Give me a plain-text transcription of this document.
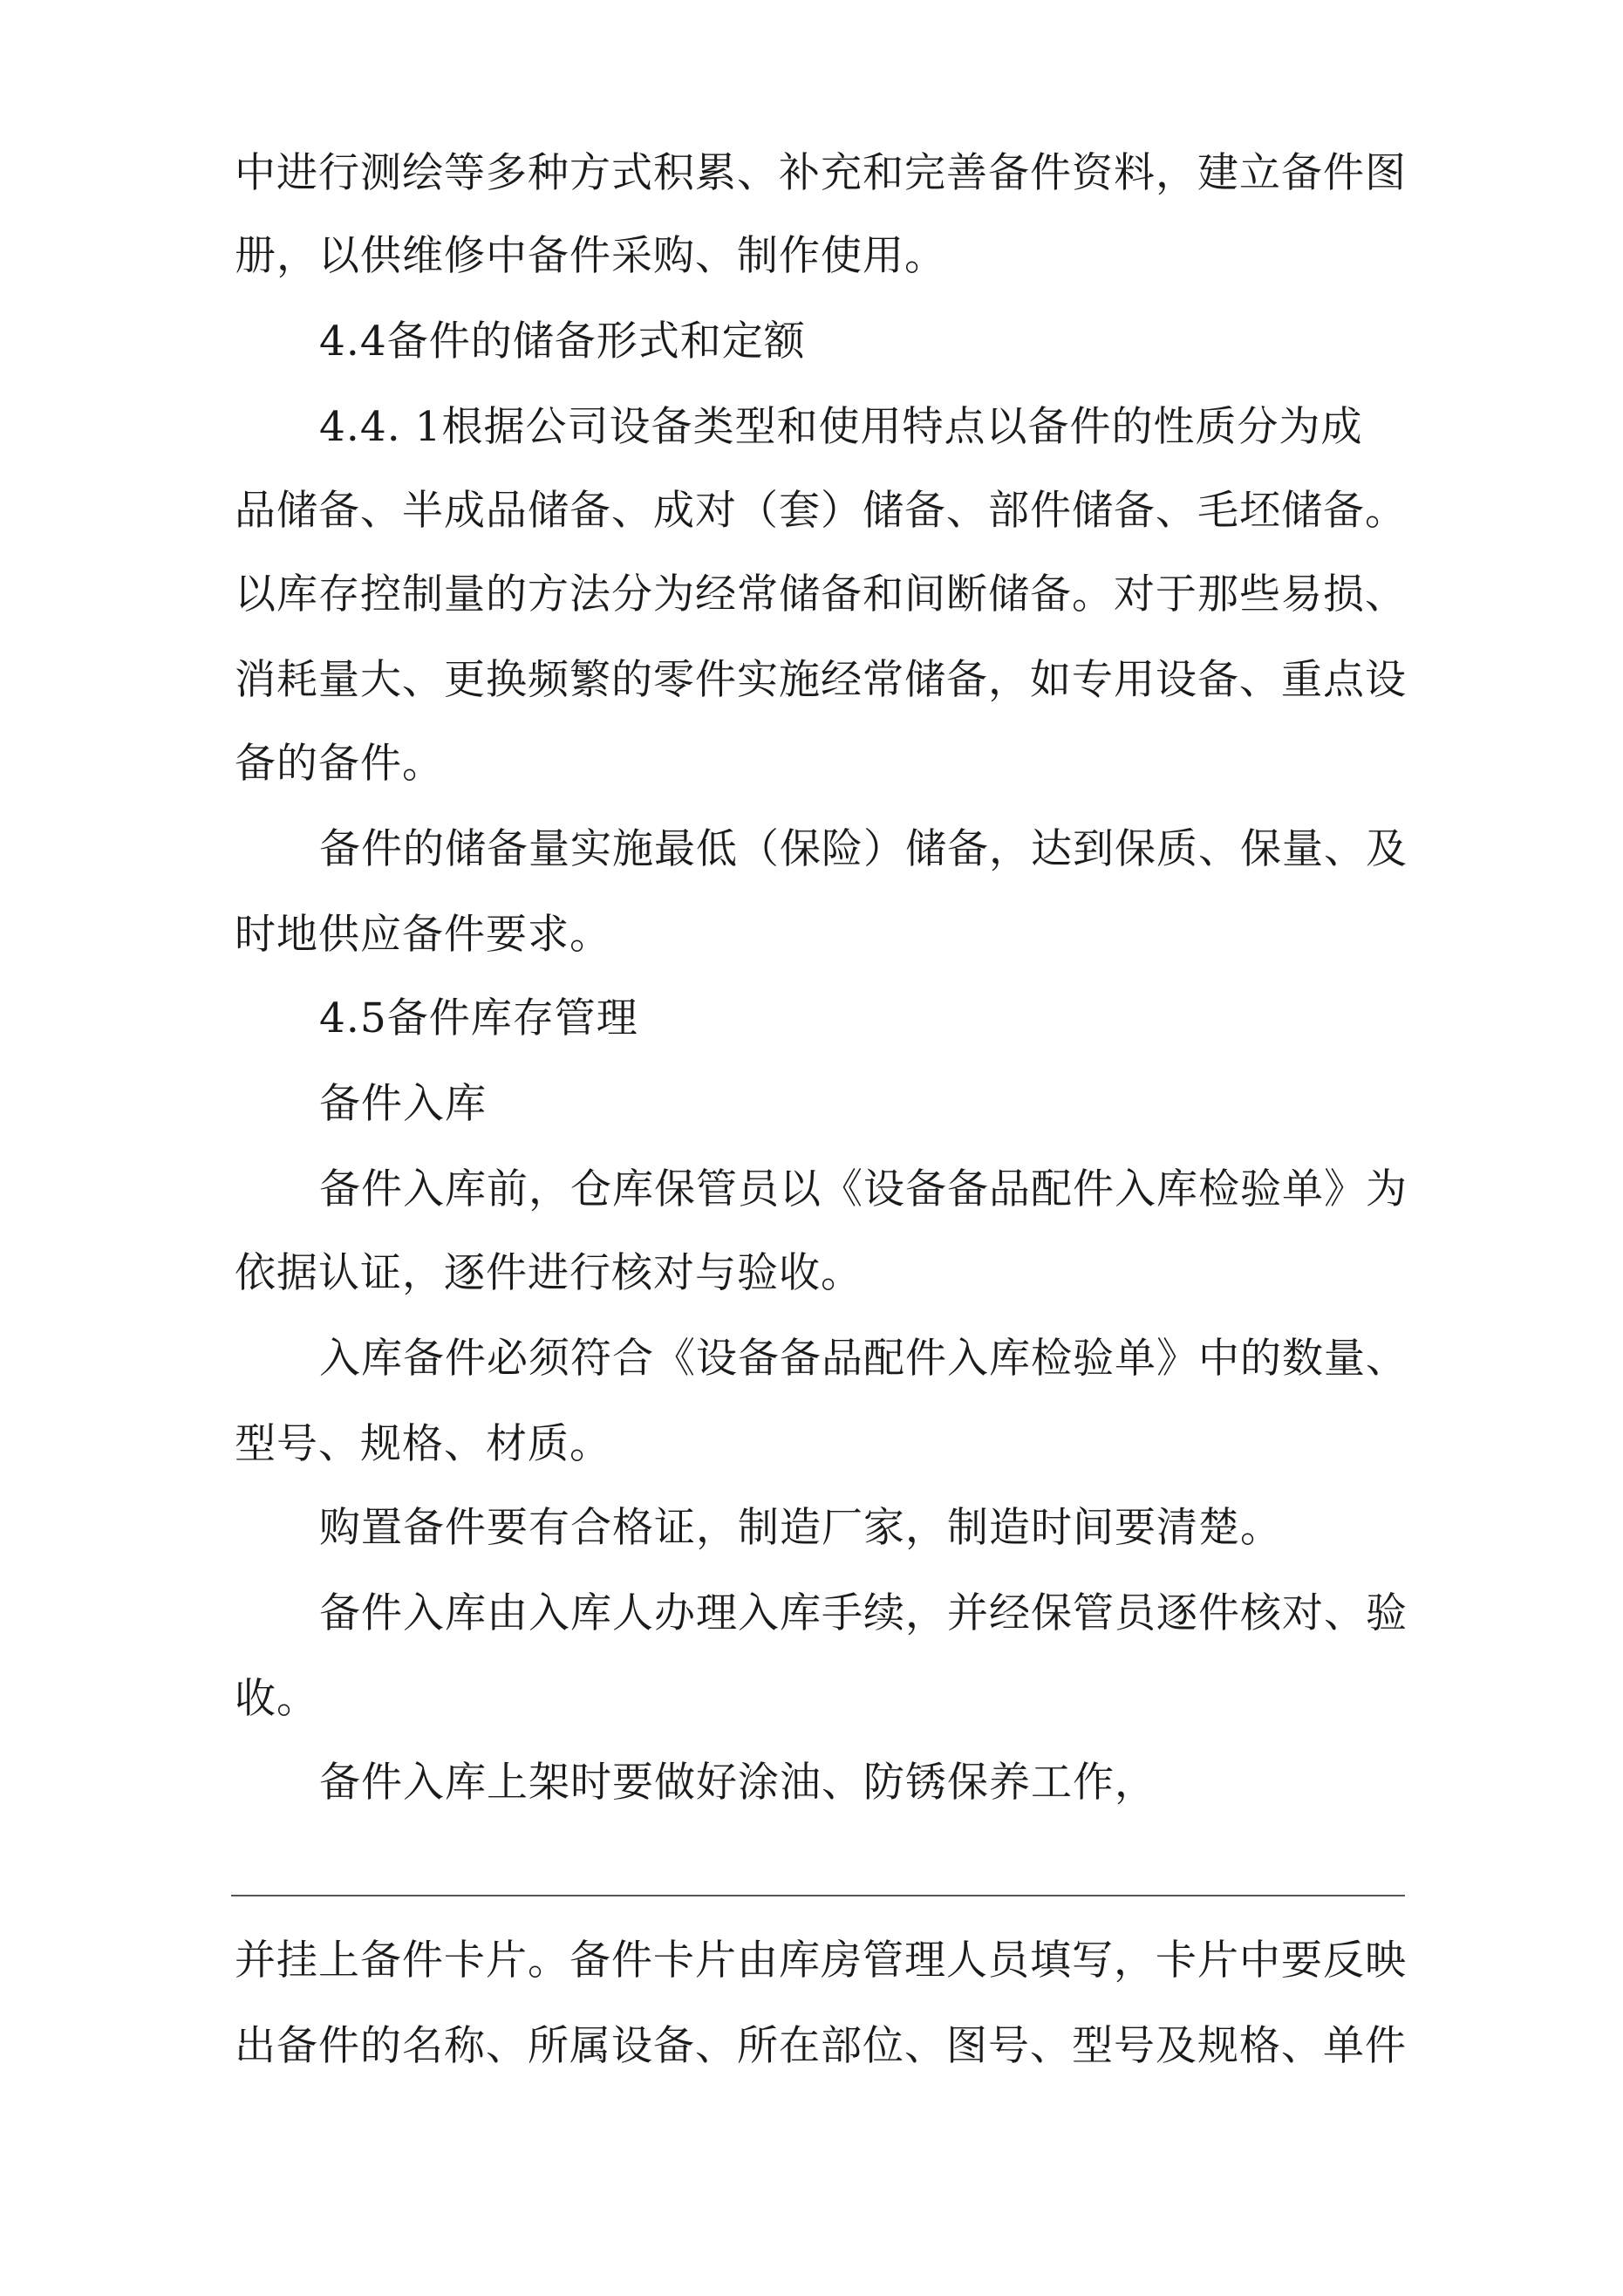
中进行测绘等多种方式积累、补充和完善备件资料，建立备件图
册，以供维修中备件采购、制作使用。
4.4备件的储备形式和定额
4.4. 1根据公司设备类型和使用特点以备件的性质分为成
品储备、半成品储备、成对（套）储备、部件储备、毛坯储备。
以库存控制量的方法分为经常储备和间断储备。对于那些易损、
消耗量大、更换频繁的零件实施经常储备，如专用设备、重点设
备的备件。
备件的储备量实施最低（保险）储备，达到保质、保量、及
时地供应备件要求。
4.5备件库存管理
备件入库
备件入库前，仓库保管员以《设备备品配件入库检验单》为
依据认证，逐件进行核对与验收。
入库备件必须符合《设备备品配件入库检验单》中的数量、
型号、规格、材质。
购置备件要有合格证，制造厂家，制造时间要清楚。
备件入库由入库人办理入库手续，并经保管员逐件核对、验
收。
备件入库上架时要做好涂油、防锈保养工作，
并挂上备件卡片。备件卡片由库房管理人员填写，卡片中要反映
出备件的名称、所属设备、所在部位、图号、型号及规格、单件
